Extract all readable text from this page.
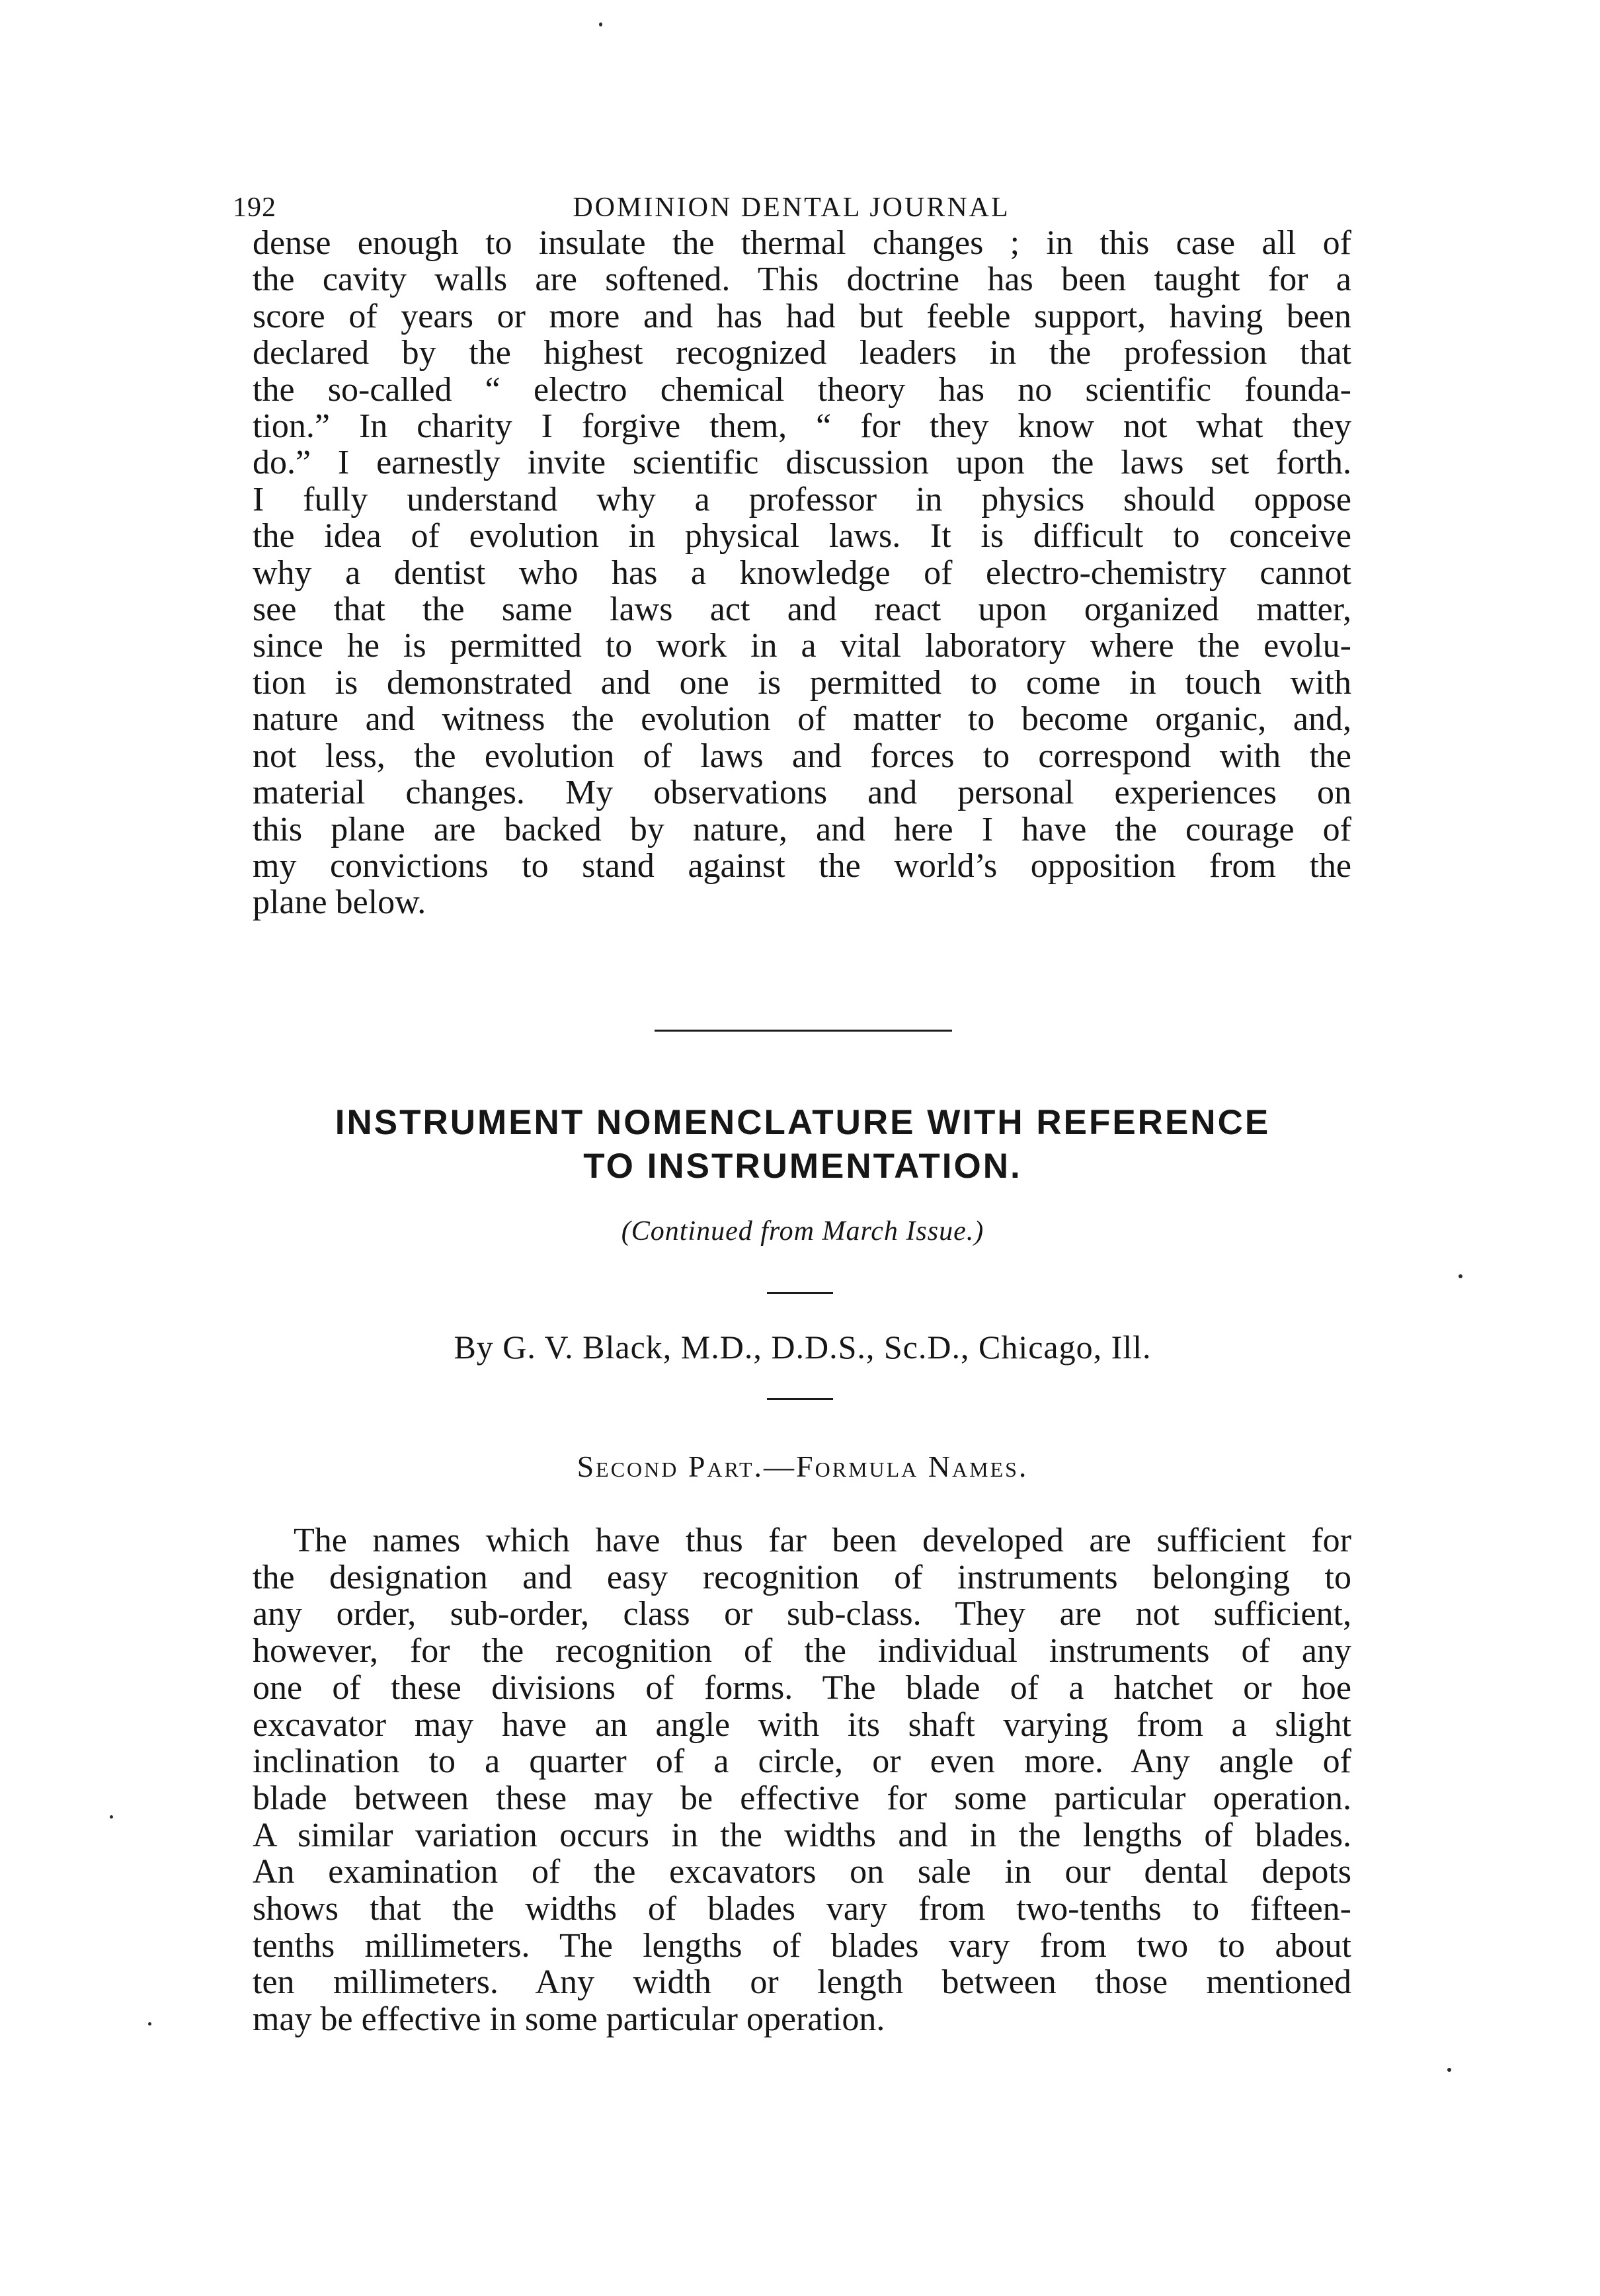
192	DOMINION DENTAL JOURNAL

dense enough to insulate the thermal changes ; in this case all of
the cavity walls are softened. This doctrine has been taught for a
score of years or more and has had but feeble support, having been
declared by the highest recognized leaders in the profession that
the so-called “ electro chemical theory has no scientific founda-
tion.” In charity I forgive them, “ for they know not what they
do.” I earnestly invite scientific discussion upon the laws set forth.
I fully understand why a professor in physics should oppose
the idea of evolution in physical laws. It is difficult to conceive
why a dentist who has a knowledge of electro-chemistry cannot
see that the same laws act and react upon organized matter,
since he is permitted to work in a vital laboratory where the evolu-
tion is demonstrated and one is permitted to come in touch with
nature and witness the evolution of matter to become organic, and,
not less, the evolution of laws and forces to correspond with the
material changes. My observations and personal experiences on
this plane are backed by nature, and here I have the courage of
my convictions to stand against the world’s opposition from the
plane below.

INSTRUMENT NOMENCLATURE WITH REFERENCE
TO INSTRUMENTATION.
(Continued from March Issue.)
By G. V. Black, M.D., D.D.S., Sc.D., Chicago, Ill.
Second Part.—Formula Names.

The names which have thus far been developed are sufficient for
the designation and easy recognition of instruments belonging to
any order, sub-order, class or sub-class. They are not sufficient,
however, for the recognition of the individual instruments of any
one of these divisions of forms. The blade of a hatchet or hoe
excavator may have an angle with its shaft varying from a slight
inclination to a quarter of a circle, or even more. Any angle of
blade between these may be effective for some particular operation.
A similar variation occurs in the widths and in the lengths of blades.
An examination of the excavators on sale in our dental depots
shows that the widths of blades vary from two-tenths to fifteen-
tenths millimeters. The lengths of blades vary from two to about
ten millimeters. Any width or length between those mentioned
may be effective in some particular operation.
